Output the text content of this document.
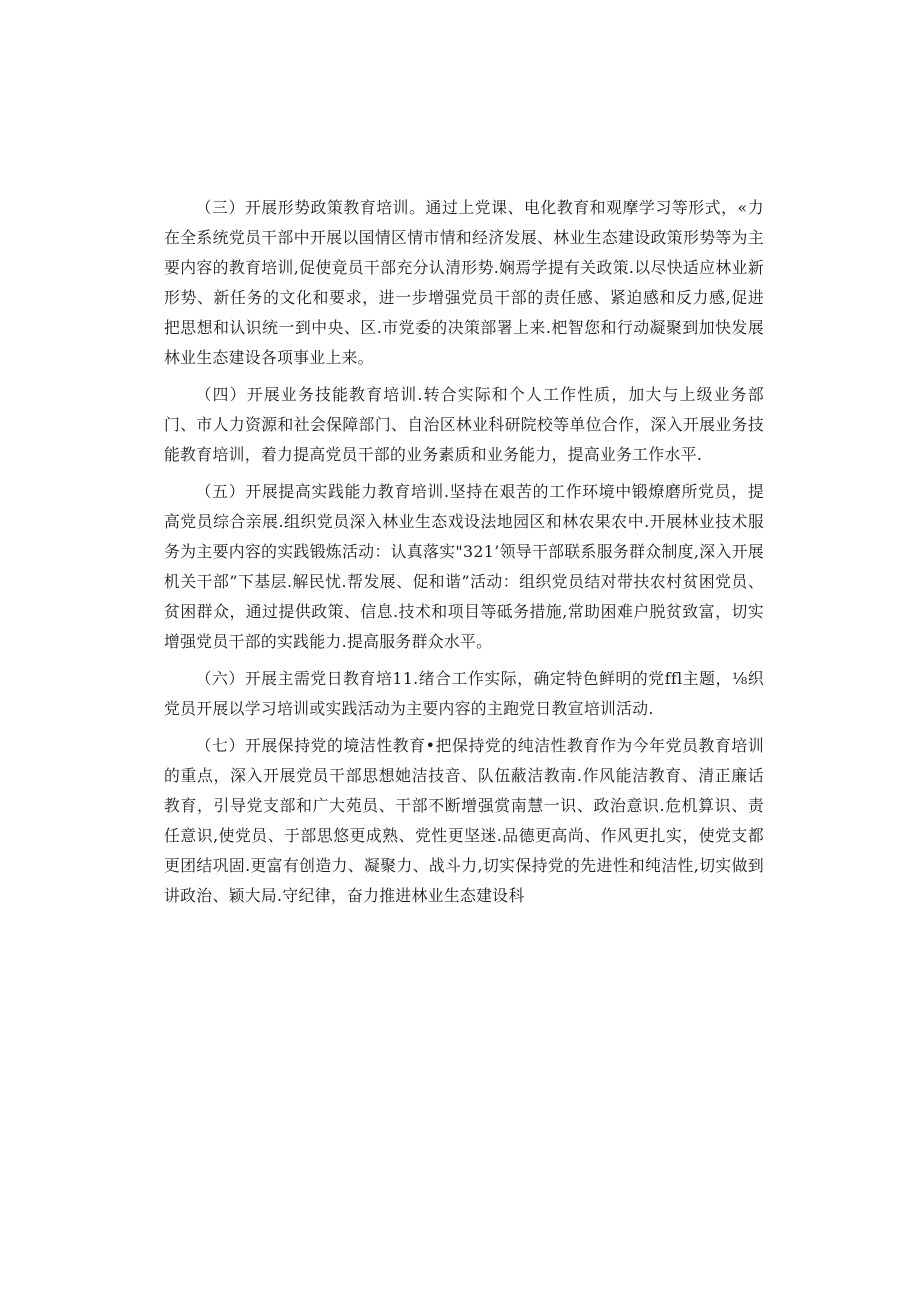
（三）开展形势政策教育培训。通过上党课、电化教育和观摩学习等形式，«力在全系统党员干部中开展以国情区情市情和经济发展、林业生态建设政策形势等为主要内容的教育培训,促使竟员干部充分认清形势.娴焉学提有关政策.以尽快适应林业新形势、新任务的文化和要求，进一步增强党员干部的责任感、紧迫感和反力感,促进把思想和认识统一到中央、区.市党委的决策部署上来.杷智您和行动凝聚到加快发展林业生态建设各项事业上来。

（四）开展业务技能教育培训.转合实际和个人工作性质，加大与上级业务部门、市人力资源和社会保障部门、自治区林业科研院校等单位合作，深入开展业务技能教育培训，着力提高党员干部的业务素质和业务能力，提高业务工作水平.

（五）开展提高实践能力教育培训.坚持在艰苦的工作环境中锻燎磨所党员，提高党员综合亲展.组织党员深入林业生态戏设法地园区和林农果农中.开展林业技术服务为主要内容的实践锻炼活动：认真落实"321’领导干部联系服务群众制度,深入开展机关干部”下基层.解民忧.帮发展、促和谐”活动：组织党员结对带扶农村贫困党员、贫困群众，通过提供政策、信息.技术和项目等砥务措施,常助困难户脱贫致富，切实增强党员干部的实践能力.提高服务群众水平。

（六）开展主需党日教育培11.绪合工作实际，确定特色鲜明的党ffl主题，⅛织党员开展以学习培训或实践活动为主要内容的主跑党日教宣培训活动.

（七）开展保持党的境洁性教育•把保持党的纯洁性教育作为今年党员教育培训的重点，深入开展党员干部思想她洁技音、队伍蔽洁教南.作风能洁教育、清正廉话教育，引导党支部和广大苑员、干部不断增强赏南慧一识、政治意识.危机算识、责任意识,使党员、于部思悠更成熟、党性更坚迷.品德更高尚、作风更扎实，使党支都更团结巩固.更富有创造力、凝聚力、战斗力,切实保持党的先进性和纯洁性,切实做到讲政治、颖大局.守纪律，奋力推进林业生态建设科
